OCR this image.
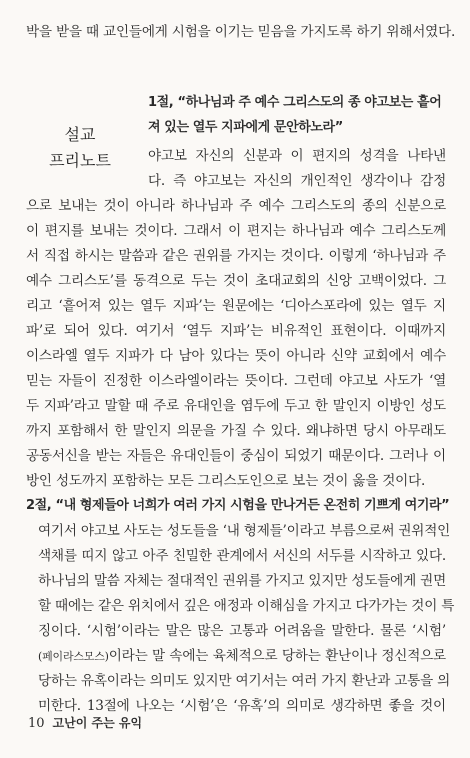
박을 받을 때 교인들에게 시험을 이기는 믿음을 가지도록 하기 위해서였다.
1절, “하나님과 주 예수 그리스도의 종 야고보는 흩어
져 있는 열두 지파에게 문안하노라”
설교
프리노트	야고보 자신의 신분과 이 편지의 성격을 나타낸
다. 즉 야고보는 자신의 개인적인 생각이나 감정
으로 보내는 것이 아니라 하나님과 주 예수 그리스도의 종의 신분으로
이 편지를 보내는 것이다. 그래서 이 편지는 하나님과 예수 그리스도께
서 직접 하시는 말씀과 같은 권위를 가지는 것이다. 이렇게 ‘하나님과 주
예수 그리스도’를 동격으로 두는 것이 초대교회의 신앙 고백이었다. 그
리고 ‘흩어져 있는 열두 지파’는 원문에는 ‘디아스포라에 있는 열두 지
파’로 되어 있다. 여기서 ‘열두 지파’는 비유적인 표현이다. 이때까지
이스라엘 열두 지파가 다 남아 있다는 뜻이 아니라 신약 교회에서 예수
믿는 자들이 진정한 이스라엘이라는 뜻이다. 그런데 야고보 사도가 ‘열
두 지파’라고 말할 때 주로 유대인을 염두에 두고 한 말인지 이방인 성도
까지 포함해서 한 말인지 의문을 가질 수 있다. 왜냐하면 당시 아무래도
공동서신을 받는 자들은 유대인들이 중심이 되었기 때문이다. 그러나 이
방인 성도까지 포함하는 모든 그리스도인으로 보는 것이 옳을 것이다.
2절, “내 형제들아 너희가 여러 가지 시험을 만나거든 온전히 기쁘게 여기라”
여기서 야고보 사도는 성도들을 ‘내 형제들’이라고 부름으로써 권위적인
색채를 띠지 않고 아주 친밀한 관계에서 서신의 서두를 시작하고 있다.
하나님의 말씀 자체는 절대적인 권위를 가지고 있지만 성도들에게 권면
할 때에는 같은 위치에서 깊은 애정과 이해심을 가지고 다가가는 것이 특
징이다. ‘시험’이라는 말은 많은 고통과 어려움을 말한다. 물론 ‘시험’
(페이라스모스)이라는 말 속에는 육체적으로 당하는 환난이나 정신적으로
당하는 유혹이라는 의미도 있지만 여기서는 여러 가지 환난과 고통을 의
미한다. 13절에 나오는 ‘시험’은 ‘유혹’의 의미로 생각하면 좋을 것이
10 고난이 주는 유익
